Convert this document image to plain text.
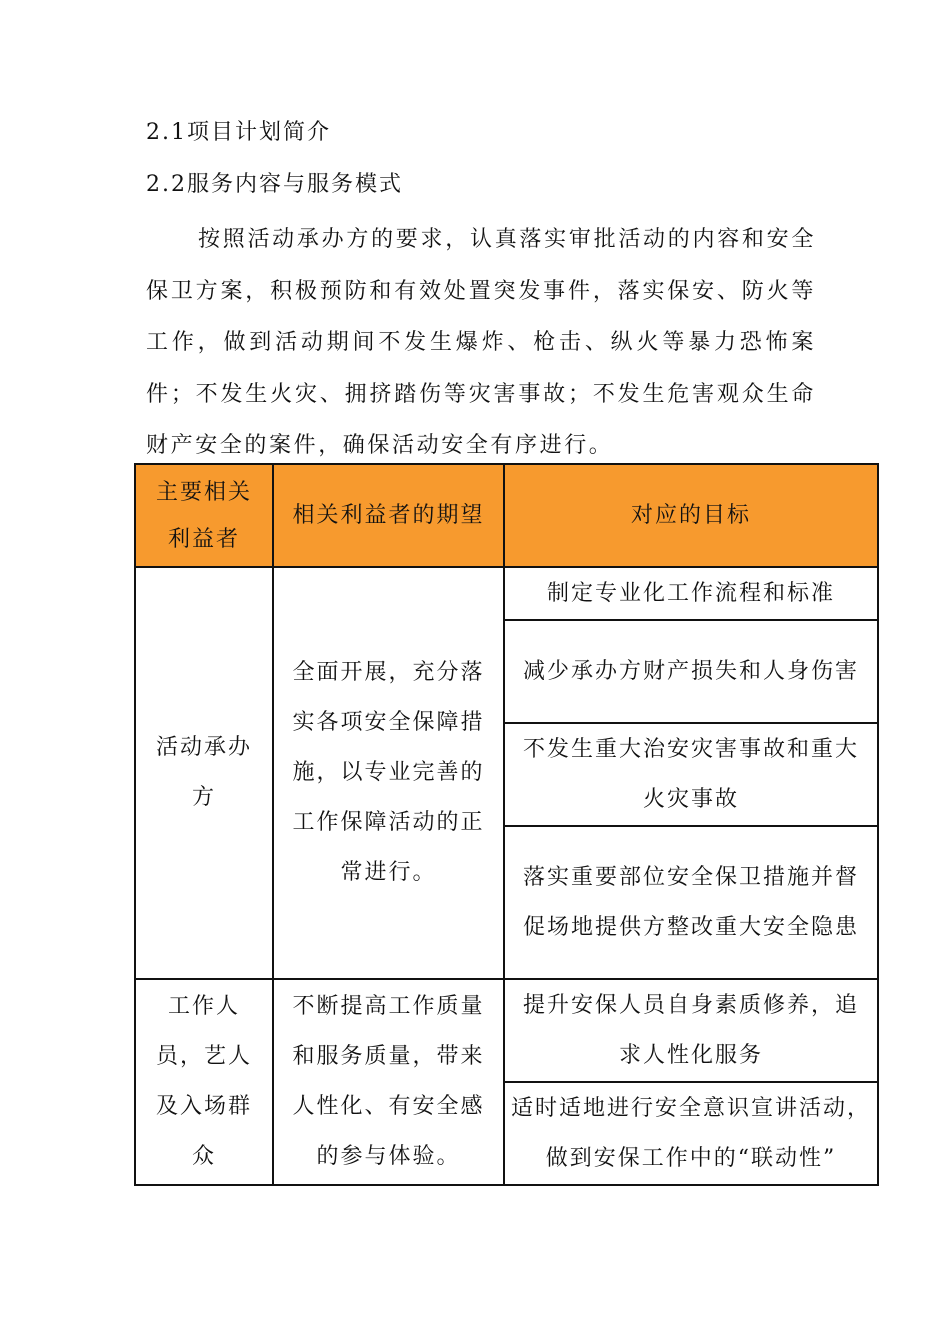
2.1项目计划简介
2.2服务内容与服务模式

按照活动承办方的要求，认真落实审批活动的内容和安全保卫方案，积极预防和有效处置突发事件，落实保安、防火等工作，做到活动期间不发生爆炸、枪击、纵火等暴力恐怖案件；不发生火灾、拥挤踏伤等灾害事故；不发生危害观众生命财产安全的案件，确保活动安全有序进行。

主要相关利益者	相关利益者的期望	对应的目标

活动承办方	全面开展，充分落实各项安全保障措施，以专业完善的工作保障活动的正常进行。	制定专业化工作流程和标准

		减少承办方财产损失和人身伤害

		不发生重大治安灾害事故和重大火灾事故

		落实重要部位安全保卫措施并督促场地提供方整改重大安全隐患

工作人员，艺人及入场群众	不断提高工作质量和服务质量，带来人性化、有安全感的参与体验。	提升安保人员自身素质修养，追求人性化服务

		适时适地进行安全意识宣讲活动，做到安保工作中的“联动性”
